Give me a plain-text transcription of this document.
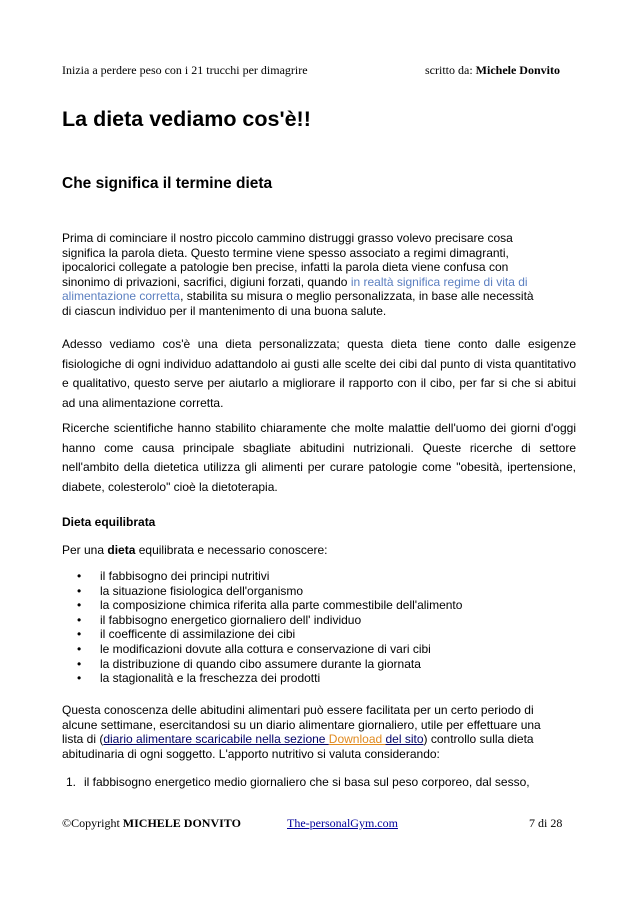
Inizia a perdere peso con i 21 trucchi per dimagrire	scritto da: Michele Donvito
La dieta vediamo cos'è!!
Che significa il termine dieta
Prima di cominciare il nostro piccolo cammino distruggi grasso volevo precisare cosa
significa la parola dieta. Questo termine viene spesso associato a regimi dimagranti,
ipocalorici collegate a patologie ben precise, infatti la parola dieta viene confusa con
sinonimo di privazioni, sacrifici, digiuni forzati, quando in realtà significa regime di vita di
alimentazione corretta, stabilita su misura o meglio personalizzata, in base alle necessità
di ciascun individuo per il mantenimento di una buona salute.
Adesso vediamo cos'è una dieta personalizzata; questa dieta tiene conto dalle esigenze fisiologiche di ogni individuo adattandolo ai gusti alle scelte dei cibi dal punto di vista quantitativo e qualitativo, questo serve per aiutarlo a migliorare il rapporto con il cibo, per far si che si abitui ad una alimentazione corretta.
Ricerche scientifiche hanno stabilito chiaramente che molte malattie dell'uomo dei giorni d'oggi hanno come causa principale sbagliate abitudini nutrizionali. Queste ricerche di settore nell'ambito della dietetica utilizza gli alimenti per curare patologie come "obesità, ipertensione, diabete, colesterolo" cioè la dietoterapia.
Dieta equilibrata
Per una dieta equilibrata e necessario conoscere:
• il fabbisogno dei principi nutritivi
• la situazione fisiologica dell'organismo
• la composizione chimica riferita alla parte commestibile dell'alimento
• il fabbisogno energetico giornaliero dell' individuo
• il coefficente di assimilazione dei cibi
• le modificazioni dovute alla cottura e conservazione di vari cibi
• la distribuzione di quando cibo assumere durante la giornata
• la stagionalità e la freschezza dei prodotti
Questa conoscenza delle abitudini alimentari può essere facilitata per un certo periodo di
alcune settimane, esercitandosi su un diario alimentare giornaliero, utile per effettuare una
lista di (diario alimentare scaricabile nella sezione Download del sito) controllo sulla dieta
abitudinaria di ogni soggetto. L'apporto nutritivo si valuta considerando:
1. il fabbisogno energetico medio giornaliero che si basa sul peso corporeo, dal sesso,
©Copyright MICHELE DONVITO	The-personalGym.com	7 di 28
